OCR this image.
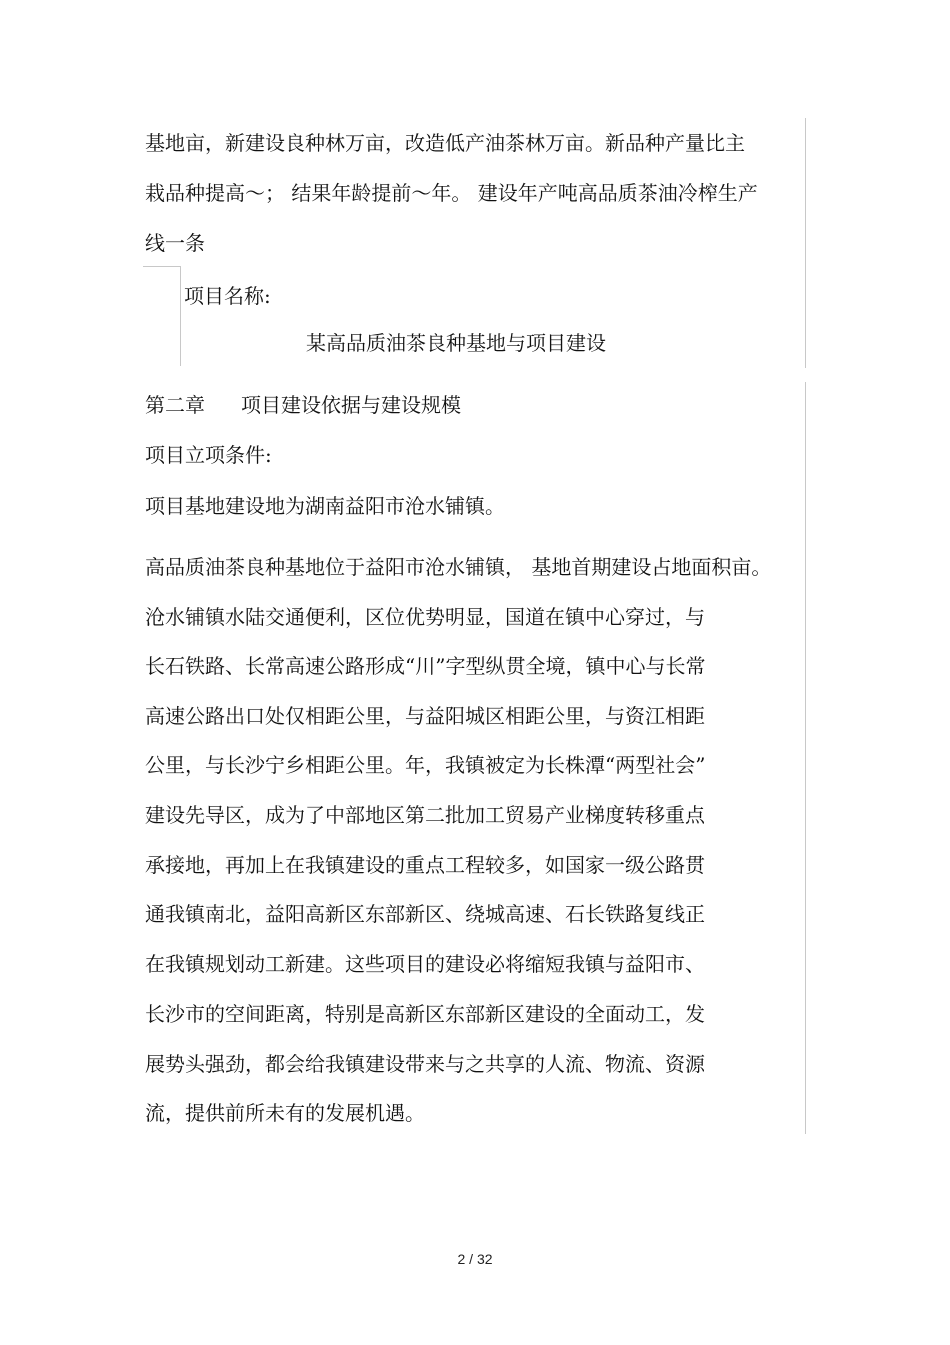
基地亩，新建设良种林万亩，改造低产油茶林万亩。新品种产量比主
栽品种提高～； 结果年龄提前～年。 建设年产吨高品质茶油冷榨生产
线一条
项目名称:
某高品质油茶良种基地与项目建设
第二章 项目建设依据与建设规模
项目立项条件:
项目基地建设地为湖南益阳市沧水铺镇。
高品质油茶良种基地位于益阳市沧水铺镇， 基地首期建设占地面积亩。
沧水铺镇水陆交通便利，区位优势明显，国道在镇中心穿过，与
长石铁路、长常高速公路形成“川”字型纵贯全境，镇中心与长常
高速公路出口处仅相距公里，与益阳城区相距公里，与资江相距
公里，与长沙宁乡相距公里。年，我镇被定为长株潭“两型社会”
建设先导区，成为了中部地区第二批加工贸易产业梯度转移重点
承接地，再加上在我镇建设的重点工程较多，如国家一级公路贯
通我镇南北，益阳高新区东部新区、绕城高速、石长铁路复线正
在我镇规划动工新建。这些项目的建设必将缩短我镇与益阳市、
长沙市的空间距离，特别是高新区东部新区建设的全面动工，发
展势头强劲，都会给我镇建设带来与之共享的人流、物流、资源
流，提供前所未有的发展机遇。
2 / 32
